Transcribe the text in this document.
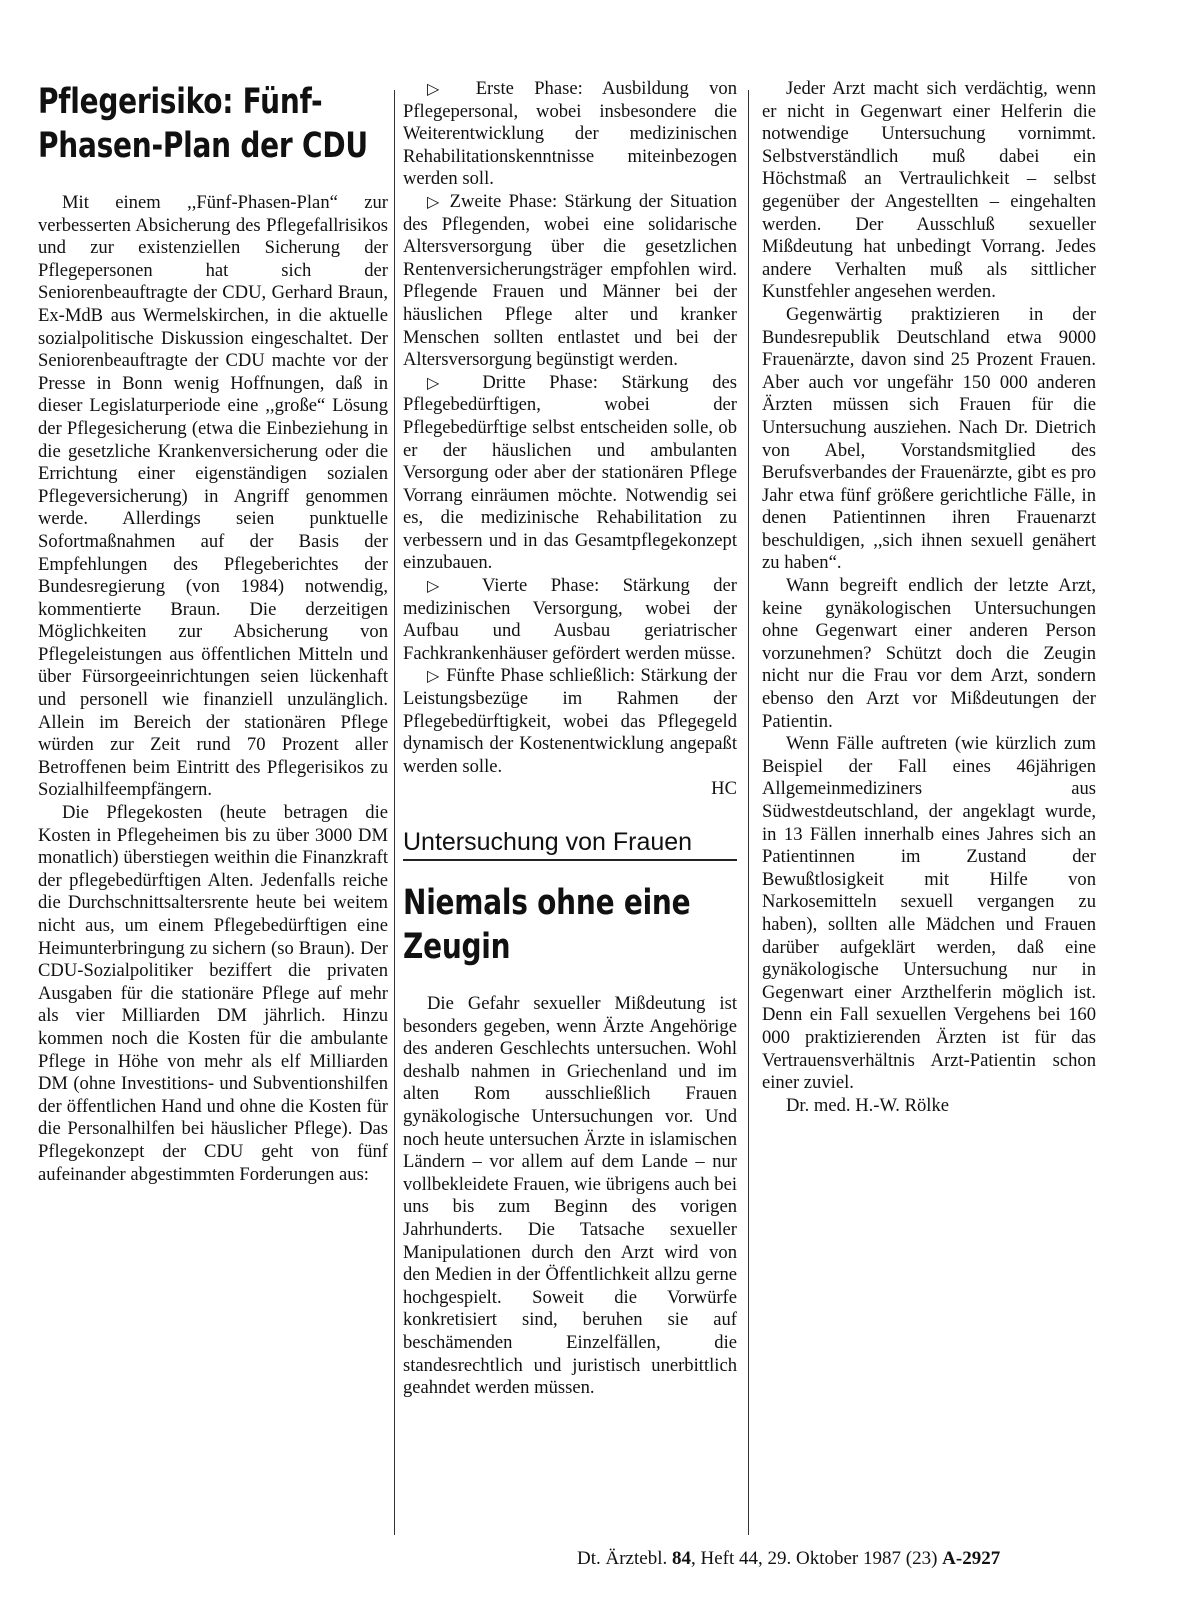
Pflegerisiko: Fünf-Phasen-Plan der CDU

Mit einem ,,Fünf-Phasen-Plan“ zur verbesserten Absicherung des Pflegefallrisikos und zur existenziellen Sicherung der Pflegepersonen hat sich der Seniorenbeauftragte der CDU, Gerhard Braun, Ex-MdB aus Wermelskirchen, in die aktuelle sozialpolitische Diskussion eingeschaltet. Der Seniorenbeauftragte der CDU machte vor der Presse in Bonn wenig Hoffnungen, daß in dieser Legislaturperiode eine ,,große“ Lösung der Pflegesicherung (etwa die Einbeziehung in die gesetzliche Krankenversicherung oder die Errichtung einer eigenständigen sozialen Pflegeversicherung) in Angriff genommen werde. Allerdings seien punktuelle Sofortmaßnahmen auf der Basis der Empfehlungen des Pflegeberichtes der Bundesregierung (von 1984) notwendig, kommentierte Braun. Die derzeitigen Möglichkeiten zur Absicherung von Pflegeleistungen aus öffentlichen Mitteln und über Fürsorgeeinrichtungen seien lückenhaft und personell wie finanziell unzulänglich. Allein im Bereich der stationären Pflege würden zur Zeit rund 70 Prozent aller Betroffenen beim Eintritt des Pflegerisikos zu Sozialhilfeempfängern.

Die Pflegekosten (heute betragen die Kosten in Pflegeheimen bis zu über 3000 DM monatlich) überstiegen weithin die Finanzkraft der pflegebedürftigen Alten. Jedenfalls reiche die Durchschnittsaltersrente heute bei weitem nicht aus, um einem Pflegebedürftigen eine Heimunterbringung zu sichern (so Braun). Der CDU-Sozialpolitiker beziffert die privaten Ausgaben für die stationäre Pflege auf mehr als vier Milliarden DM jährlich. Hinzu kommen noch die Kosten für die ambulante Pflege in Höhe von mehr als elf Milliarden DM (ohne Investitions- und Subventionshilfen der öffentlichen Hand und ohne die Kosten für die Personalhilfen bei häuslicher Pflege). Das Pflegekonzept der CDU geht von fünf aufeinander abgestimmten Forderungen aus:

▷ Erste Phase: Ausbildung von Pflegepersonal, wobei insbesondere die Weiterentwicklung der medizinischen Rehabilitationskenntnisse miteinbezogen werden soll.

▷ Zweite Phase: Stärkung der Situation des Pflegenden, wobei eine solidarische Altersversorgung über die gesetzlichen Rentenversicherungsträger empfohlen wird. Pflegende Frauen und Männer bei der häuslichen Pflege alter und kranker Menschen sollten entlastet und bei der Altersversorgung begünstigt werden.

▷ Dritte Phase: Stärkung des Pflegebedürftigen, wobei der Pflegebedürftige selbst entscheiden solle, ob er der häuslichen und ambulanten Versorgung oder aber der stationären Pflege Vorrang einräumen möchte. Notwendig sei es, die medizinische Rehabilitation zu verbessern und in das Gesamtpflegekonzept einzubauen.

▷ Vierte Phase: Stärkung der medizinischen Versorgung, wobei der Aufbau und Ausbau geriatrischer Fachkrankenhäuser gefördert werden müsse.

▷ Fünfte Phase schließlich: Stärkung der Leistungsbezüge im Rahmen der Pflegebedürftigkeit, wobei das Pflegegeld dynamisch der Kostenentwicklung angepaßt werden solle.

HC
Untersuchung von Frauen
Niemals ohne eine Zeugin

Die Gefahr sexueller Mißdeutung ist besonders gegeben, wenn Ärzte Angehörige des anderen Geschlechts untersuchen. Wohl deshalb nahmen in Griechenland und im alten Rom ausschließlich Frauen gynäkologische Untersuchungen vor. Und noch heute untersuchen Ärzte in islamischen Ländern – vor allem auf dem Lande – nur vollbekleidete Frauen, wie übrigens auch bei uns bis zum Beginn des vorigen Jahrhunderts. Die Tatsache sexueller Manipulationen durch den Arzt wird von den Medien in der Öffentlichkeit allzu gerne hochgespielt. Soweit die Vorwürfe konkretisiert sind, beruhen sie auf beschämenden Einzelfällen, die standesrechtlich und juristisch unerbittlich geahndet werden müssen.

Jeder Arzt macht sich verdächtig, wenn er nicht in Gegenwart einer Helferin die notwendige Untersuchung vornimmt. Selbstverständlich muß dabei ein Höchstmaß an Vertraulichkeit – selbst gegenüber der Angestellten – eingehalten werden. Der Ausschluß sexueller Mißdeutung hat unbedingt Vorrang. Jedes andere Verhalten muß als sittlicher Kunstfehler angesehen werden.

Gegenwärtig praktizieren in der Bundesrepublik Deutschland etwa 9000 Frauenärzte, davon sind 25 Prozent Frauen. Aber auch vor ungefähr 150 000 anderen Ärzten müssen sich Frauen für die Untersuchung ausziehen. Nach Dr. Dietrich von Abel, Vorstandsmitglied des Berufsverbandes der Frauenärzte, gibt es pro Jahr etwa fünf größere gerichtliche Fälle, in denen Patientinnen ihren Frauenarzt beschuldigen, ,,sich ihnen sexuell genähert zu haben“.

Wann begreift endlich der letzte Arzt, keine gynäkologischen Untersuchungen ohne Gegenwart einer anderen Person vorzunehmen? Schützt doch die Zeugin nicht nur die Frau vor dem Arzt, sondern ebenso den Arzt vor Mißdeutungen der Patientin.

Wenn Fälle auftreten (wie kürzlich zum Beispiel der Fall eines 46jährigen Allgemeinmediziners aus Südwestdeutschland, der angeklagt wurde, in 13 Fällen innerhalb eines Jahres sich an Patientinnen im Zustand der Bewußtlosigkeit mit Hilfe von Narkosemitteln sexuell vergangen zu haben), sollten alle Mädchen und Frauen darüber aufgeklärt werden, daß eine gynäkologische Untersuchung nur in Gegenwart einer Arzthelferin möglich ist. Denn ein Fall sexuellen Vergehens bei 160 000 praktizierenden Ärzten ist für das Vertrauensverhältnis Arzt-Patientin schon einer zuviel.

Dr. med. H.-W. Rölke
Dt. Ärztebl. 84, Heft 44, 29. Oktober 1987 (23) A-2927
